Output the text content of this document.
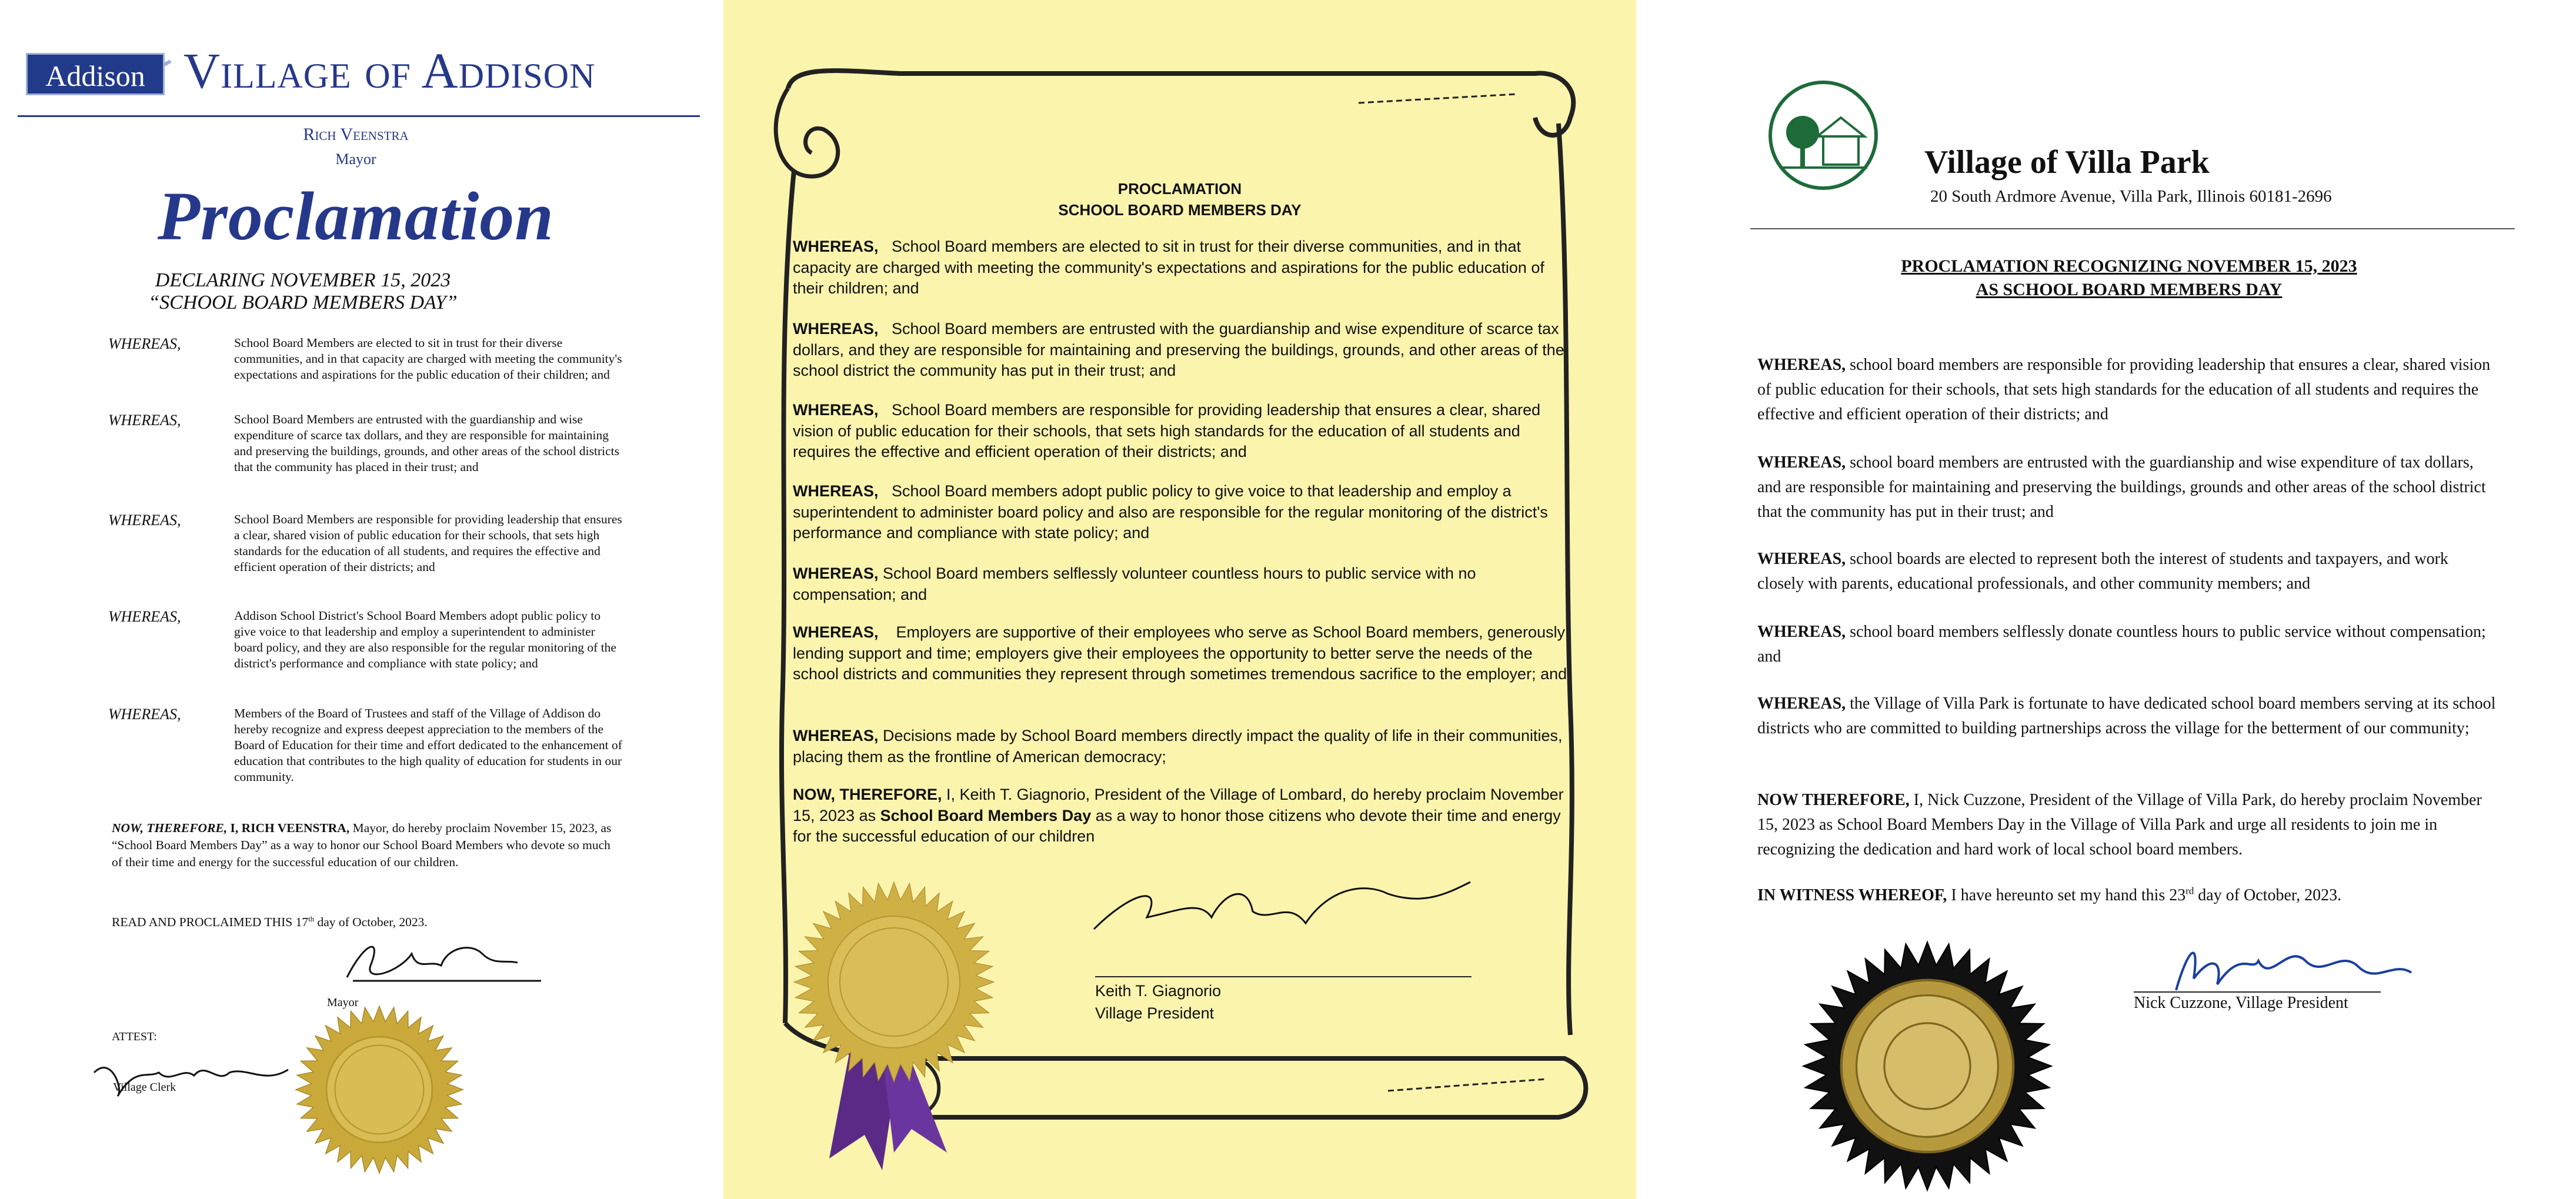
Addison Village of Addison
Rich Veenstra
Mayor
Proclamation
DECLARING NOVEMBER 15, 2023
“SCHOOL BOARD MEMBERS DAY”
WHEREAS,	School Board Members are elected to sit in trust for their diverse communities, and in that capacity are charged with meeting the community's expectations and aspirations for the public education of their children; and
WHEREAS,	School Board Members are entrusted with the guardianship and wise expenditure of scarce tax dollars, and they are responsible for maintaining and preserving the buildings, grounds, and other areas of the school districts that the community has placed in their trust; and
WHEREAS,	School Board Members are responsible for providing leadership that ensures a clear, shared vision of public education for their schools, that sets high standards for the education of all students, and requires the effective and efficient operation of their districts; and
WHEREAS,	Addison School District's School Board Members adopt public policy to give voice to that leadership and employ a superintendent to administer board policy, and they are also responsible for the regular monitoring of the district's performance and compliance with state policy; and
WHEREAS,	Members of the Board of Trustees and staff of the Village of Addison do hereby recognize and express deepest appreciation to the members of the Board of Education for their time and effort dedicated to the enhancement of education that contributes to the high quality of education for students in our community.
NOW, THEREFORE, I, RICH VEENSTRA, Mayor, do hereby proclaim November 15, 2023, as “School Board Members Day” as a way to honor our School Board Members who devote so much of their time and energy for the successful education of our children.
READ AND PROCLAIMED THIS 17th day of October, 2023.
Mayor
ATTEST:
Village Clerk
PROCLAMATION
SCHOOL BOARD MEMBERS DAY
WHEREAS, School Board members are elected to sit in trust for their diverse communities, and in that capacity are charged with meeting the community's expectations and aspirations for the public education of their children; and
WHEREAS, School Board members are entrusted with the guardianship and wise expenditure of scarce tax dollars, and they are responsible for maintaining and preserving the buildings, grounds, and other areas of the school district the community has put in their trust; and
WHEREAS, School Board members are responsible for providing leadership that ensures a clear, shared vision of public education for their schools, that sets high standards for the education of all students and requires the effective and efficient operation of their districts; and
WHEREAS, School Board members adopt public policy to give voice to that leadership and employ a superintendent to administer board policy and also are responsible for the regular monitoring of the district's performance and compliance with state policy; and
WHEREAS, School Board members selflessly volunteer countless hours to public service with no compensation; and
WHEREAS, Employers are supportive of their employees who serve as School Board members, generously lending support and time; employers give their employees the opportunity to better serve the needs of the school districts and communities they represent through sometimes tremendous sacrifice to the employer; and
WHEREAS, Decisions made by School Board members directly impact the quality of life in their communities, placing them as the frontline of American democracy;
NOW, THEREFORE, I, Keith T. Giagnorio, President of the Village of Lombard, do hereby proclaim November 15, 2023 as School Board Members Day as a way to honor those citizens who devote their time and energy for the successful education of our children
Keith T. Giagnorio
Village President
Village of Villa Park
20 South Ardmore Avenue, Villa Park, Illinois 60181-2696
PROCLAMATION RECOGNIZING NOVEMBER 15, 2023
AS SCHOOL BOARD MEMBERS DAY
WHEREAS, school board members are responsible for providing leadership that ensures a clear, shared vision of public education for their schools, that sets high standards for the education of all students and requires the effective and efficient operation of their districts; and
WHEREAS, school board members are entrusted with the guardianship and wise expenditure of tax dollars, and are responsible for maintaining and preserving the buildings, grounds and other areas of the school district that the community has put in their trust; and
WHEREAS, school boards are elected to represent both the interest of students and taxpayers, and work closely with parents, educational professionals, and other community members; and
WHEREAS, school board members selflessly donate countless hours to public service without compensation; and
WHEREAS, the Village of Villa Park is fortunate to have dedicated school board members serving at its school districts who are committed to building partnerships across the village for the betterment of our community;
NOW THEREFORE, I, Nick Cuzzone, President of the Village of Villa Park, do hereby proclaim November 15, 2023 as School Board Members Day in the Village of Villa Park and urge all residents to join me in recognizing the dedication and hard work of local school board members.
IN WITNESS WHEREOF, I have hereunto set my hand this 23rd day of October, 2023.
Nick Cuzzone, Village President
